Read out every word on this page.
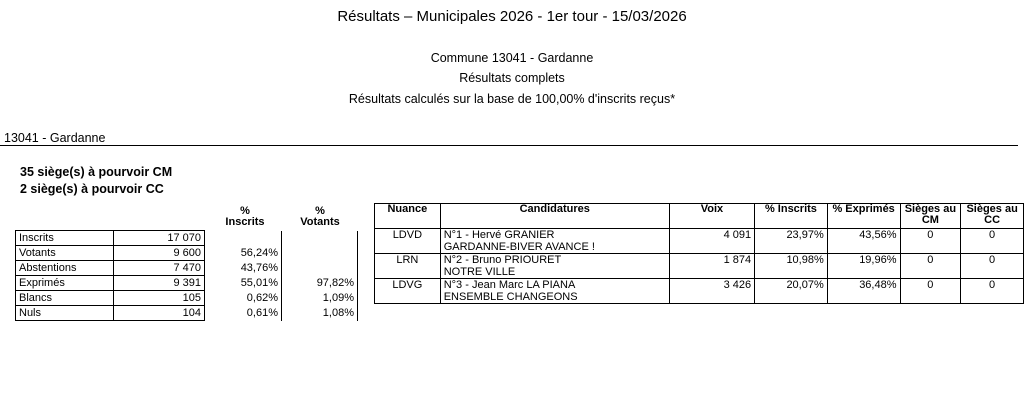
Résultats – Municipales 2026 - 1er tour - 15/03/2026
Commune 13041 - Gardanne
Résultats complets
Résultats calculés sur la base de 100,00% d'inscrits reçus*
13041 - Gardanne
35 siège(s) à pourvoir CM
2 siège(s) à pourvoir CC
% Inscrits
% Votants
Inscrits	17 070		
Votants	9 600	56,24%	
Abstentions	7 470	43,76%	
Exprimés	9 391	55,01%	97,82%
Blancs	105	0,62%	1,09%
Nuls	104	0,61%	1,08%
Nuance	Candidatures	Voix	% Inscrits	% Exprimés	Sièges au CM	Sièges au CC
LDVD	N°1 - Hervé GRANIER
GARDANNE-BIVER AVANCE !	4 091	23,97%	43,56%	0	0
LRN	N°2 - Bruno PRIOURET
NOTRE VILLE	1 874	10,98%	19,96%	0	0
LDVG	N°3 - Jean Marc LA PIANA
ENSEMBLE CHANGEONS	3 426	20,07%	36,48%	0	0
